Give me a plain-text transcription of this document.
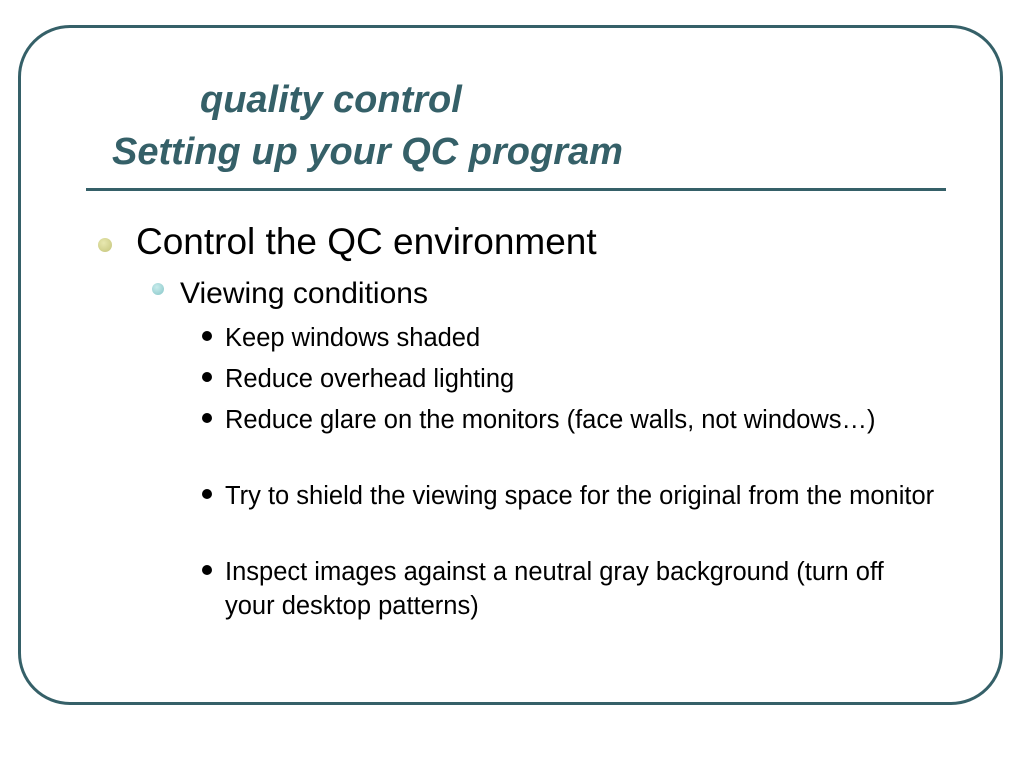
quality control
Setting up your QC program
Control the QC environment
Viewing conditions
Keep windows shaded
Reduce overhead lighting
Reduce glare on the monitors (face walls, not windows…)
Try to shield the viewing space for the original from the monitor
Inspect images against a neutral gray background (turn off your desktop patterns)
